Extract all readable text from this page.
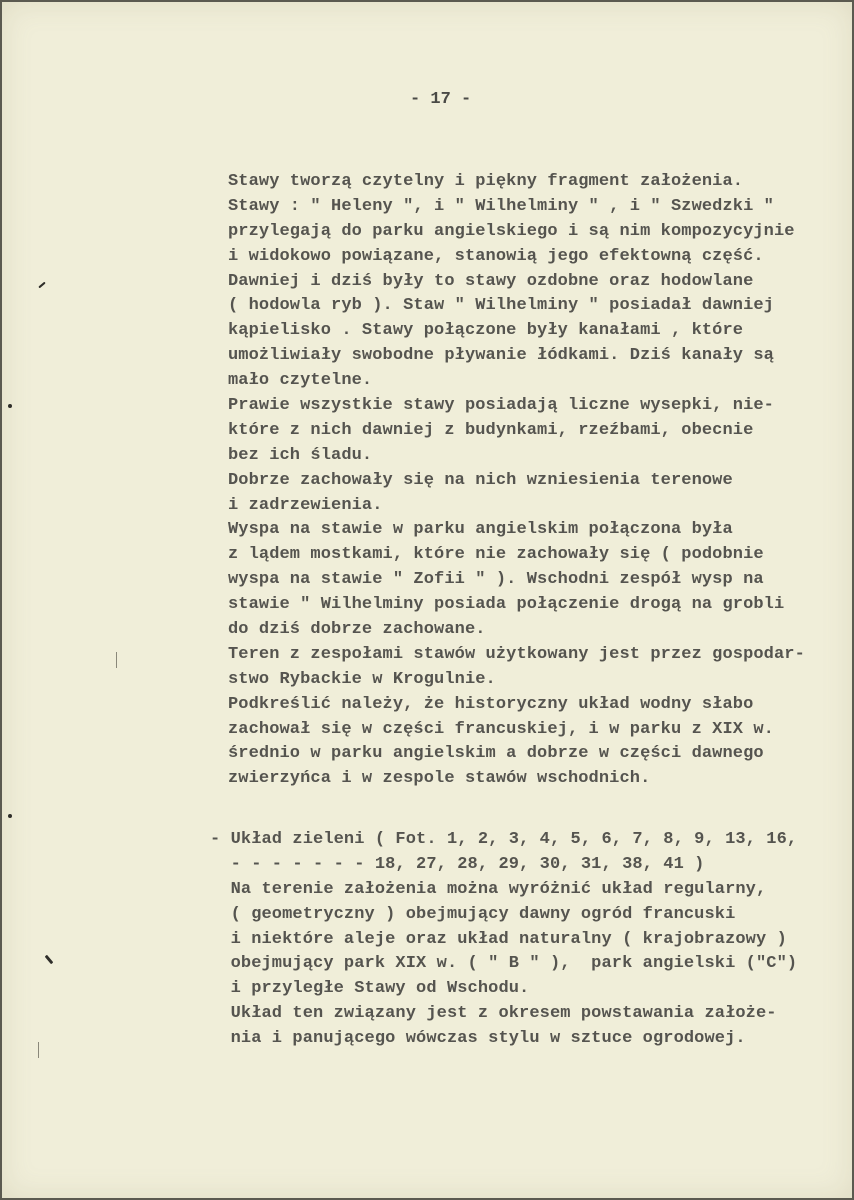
- 17 -
Stawy tworzą czytelny i piękny fragment założenia.
Stawy : " Heleny ", i " Wilhelminy " , i " Szwedzki "
przylegają do parku angielskiego i są nim kompozycyjnie
i widokowo powiązane, stanowią jego efektowną część.
Dawniej i dziś były to stawy ozdobne oraz hodowlane
( hodowla ryb ). Staw " Wilhelminy " posiadał dawniej
kąpielisko . Stawy połączone były kanałami , które
umożliwiały swobodne pływanie łódkami. Dziś kanały są
mało czytelne.
Prawie wszystkie stawy posiadają liczne wysepki, nie-
które z nich dawniej z budynkami, rzeźbami, obecnie
bez ich śladu.
Dobrze zachowały się na nich wzniesienia terenowe
i zadrzewienia.
Wyspa na stawie w parku angielskim połączona była
z lądem mostkami, które nie zachowały się ( podobnie
wyspa na stawie " Zofii " ). Wschodni zespół wysp na
stawie " Wilhelminy posiada połączenie drogą na grobli
do dziś dobrze zachowane.
Teren z zespołami stawów użytkowany jest przez gospodar-
stwo Rybackie w Krogulnie.
Podkreślić należy, że historyczny układ wodny słabo
zachował się w części francuskiej, i w parku z XIX w.
średnio w parku angielskim a dobrze w części dawnego
zwierzyńca i w zespole stawów wschodnich.
- Układ zieleni ( Fot. 1, 2, 3, 4, 5, 6, 7, 8, 9, 13, 16,
- - - - - - - 18, 27, 28, 29, 30, 31, 38, 41 )
Na terenie założenia można wyróżnić układ regularny,
( geometryczny ) obejmujący dawny ogród francuski
i niektóre aleje oraz układ naturalny ( krajobrazowy )
obejmujący park XIX w. ( " B " ),  park angielski ("C")
i przyległe Stawy od Wschodu.
Układ ten związany jest z okresem powstawania założe-
nia i panującego wówczas stylu w sztuce ogrodowej.
